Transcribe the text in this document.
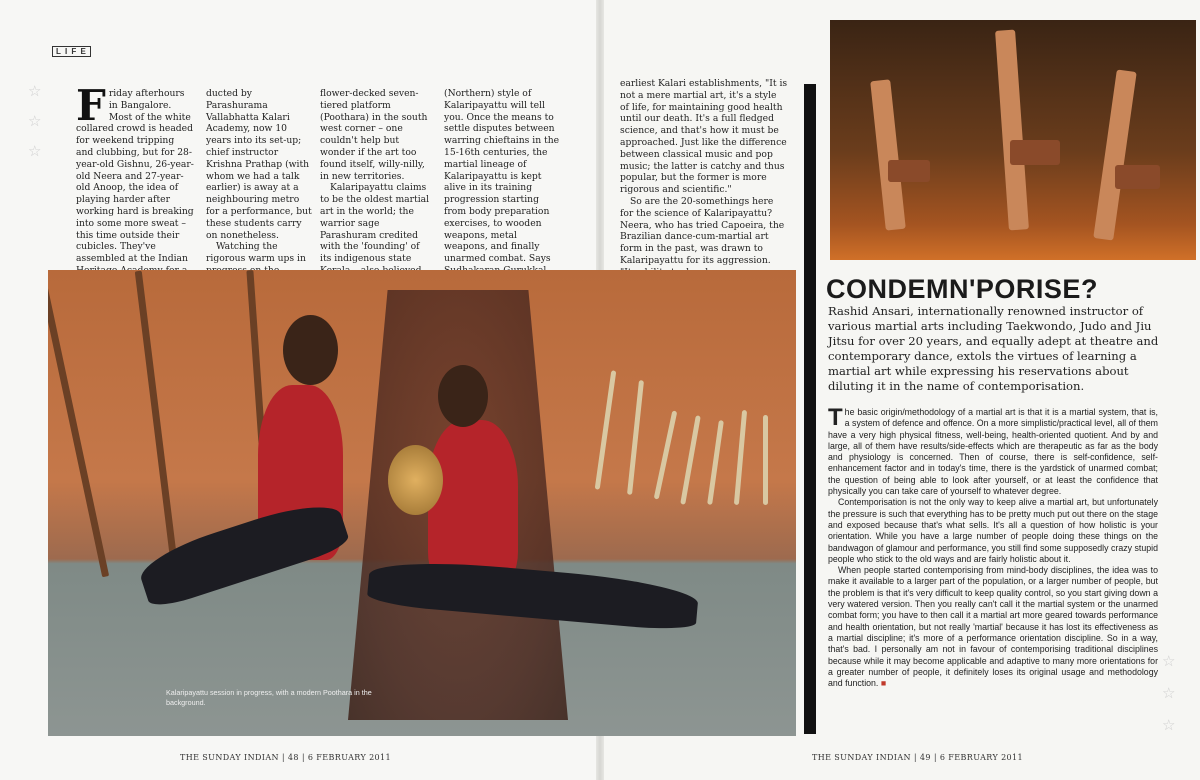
L I F E
☆
☆
☆
☆
☆
☆

Friday afterhours in Bangalore. Most of the white collared crowd is headed for weekend tripping and clubbing, but for 28-year-old Gishnu, 26-year-old Neera and 27-year-old Anoop, the idea of playing harder after working hard is breaking into some more sweat – this time outside their cubicles. They've assembled at the Indian

ducted by Parashurama Vallabhatta Kalari Academy, now 10 years into its set-up; chief instructor Krishna Prathap (with whom we had a talk earlier) is away at a neighbouring metro for a performance, but these students carry on nonetheless.

Watching the rigorous warm ups in

flower-decked seven-tiered platform (Poothara) in the south west corner – one couldn't help but wonder if the art too found itself, willy-nilly, in new territories.

Kalaripayattu claims to be the oldest martial art in the world; the warrior sage Parashuram credited with the 'founding' of its indigenous state

(Northern) style of Kalaripayattu will tell you. Once the means to settle disputes between warring chieftains in the 15-16th centuries, the martial lineage of Kalaripayattu is kept alive in its training progression starting from body preparation exercises, to wooden weapons, metal weapons, and finally unarmed combat. Says

earliest Kalari establishments, "It is not a mere martial art, it's a style of life, for maintaining good health until our death. It's a full fledged science, and that's how it must be approached. Just like the difference between classical music and pop music; the latter is catchy and thus popular, but the former is more rigorous and scientific."

So are the 20-somethings here for the science of Kalaripayattu? Neera, who has tried Capoeira, the Brazilian dance-cum-martial art form in the past, was drawn to Kalaripayattu for its aggression.

Kalaripayattu session in progress, with a modern Poothara in the background.
THE SUNDAY INDIAN | 48 | 6 FEBRUARY 2011
CONDEMN'PORISE?
Rashid Ansari, internationally renowned instructor of various martial arts including Taekwondo, Judo and Jiu Jitsu for over 20 years, and equally adept at theatre and contemporary dance, extols the virtues of learning a martial art while expressing his reservations about diluting it in the name of contemporisation.

The basic origin/methodology of a martial art is that it is a martial system, that is, a system of defence and offence. On a more simplistic/practical level, all of them have a very high physical fitness, well-being, health-oriented quotient. And by and large, all of them have results/side-effects which are therapeutic as far as the body and physiology is concerned. Then of course, there is self-confidence, self-enhancement factor and in today's time, there is the yardstick of unarmed combat; the question of being able to look after yourself, or at least the confidence that physically you can take care of yourself to whatever degree.

Contemporisation is not the only way to keep alive a martial art, but unfortunately the pressure is such that everything has to be pretty much put out there on the stage and exposed because that's what sells. It's all a question of how holistic is your orientation. While you have a large number of people doing these things on the bandwagon of glamour and performance, you still find some supposedly crazy stupid people who stick to the old ways and are fairly holistic about it.

When people started contemporising from mind-body disciplines, the idea was to make it available to a larger part of the population, or a larger number of people, but the problem is that it's very difficult to keep quality control, so you start giving down a very watered version. Then you really can't call it the martial system or the unarmed combat form; you have to then call it a martial art more geared towards performance and health orientation, but not really 'martial' because it has lost its effectiveness as a martial discipline; it's more of a performance orientation discipline. So in a way, that's bad. I personally am not in favour of contemporising traditional disciplines because while it may become applicable and adaptive to many more orientations for a greater number of people, it definitely loses its original usage and methodology and function. ■

THE SUNDAY INDIAN | 49 | 6 FEBRUARY 2011
